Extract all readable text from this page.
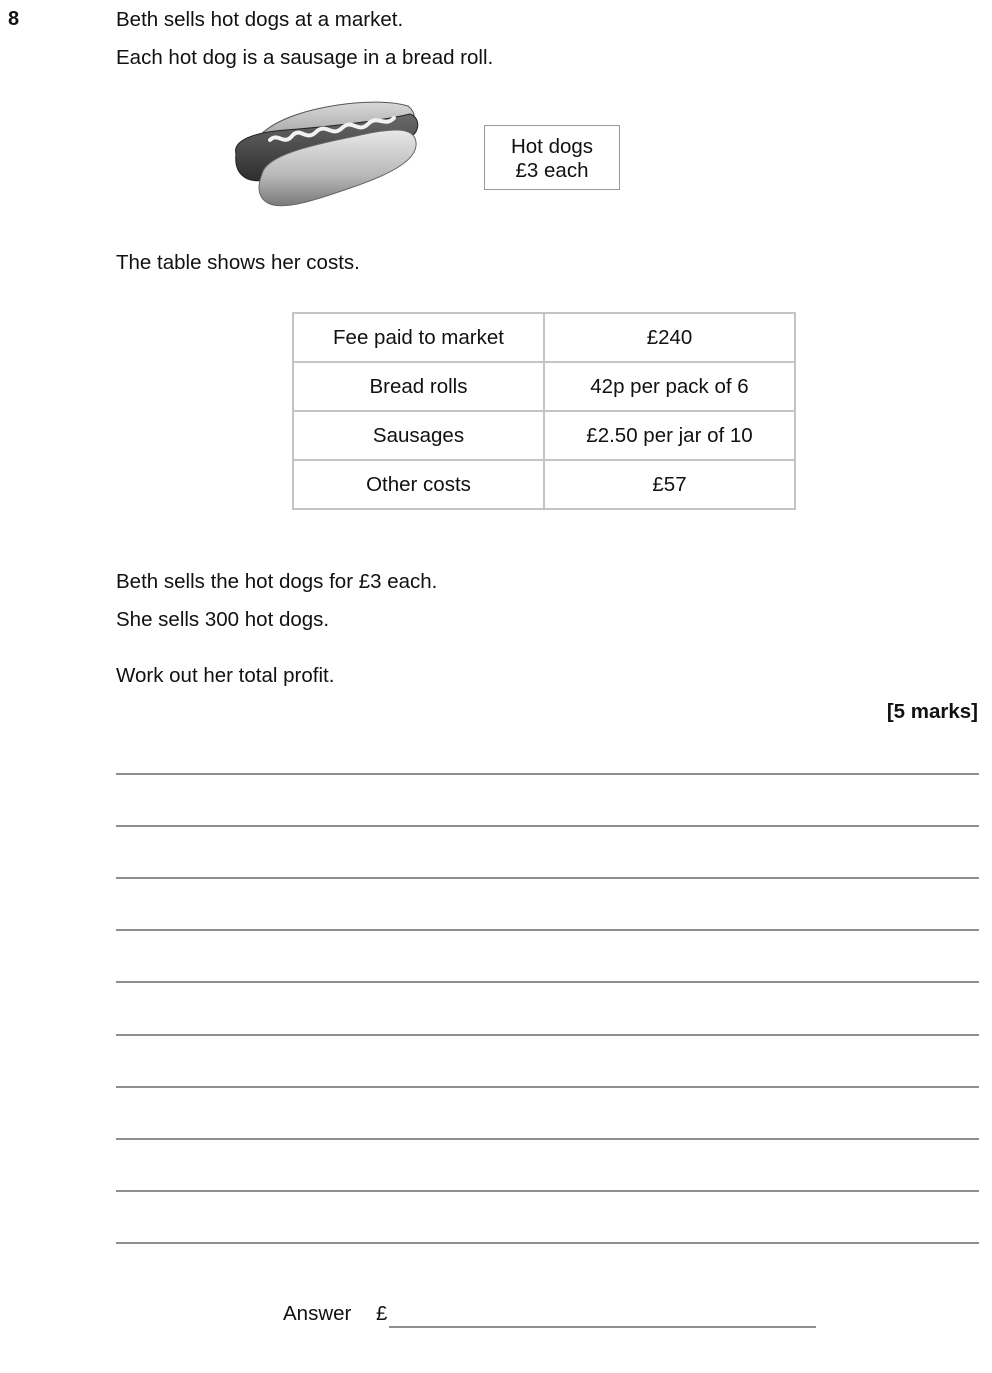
8	Beth sells hot dogs at a market.
Each hot dog is a sausage in a bread roll.
Hot dogs
£3 each
The table shows her costs.
Fee paid to market	£240
Bread rolls	42p per pack of 6
Sausages	£2.50 per jar of 10
Other costs	£57
Beth sells the hot dogs for £3 each.
She sells 300 hot dogs.
Work out her total profit.
[5 marks]
Answer £
